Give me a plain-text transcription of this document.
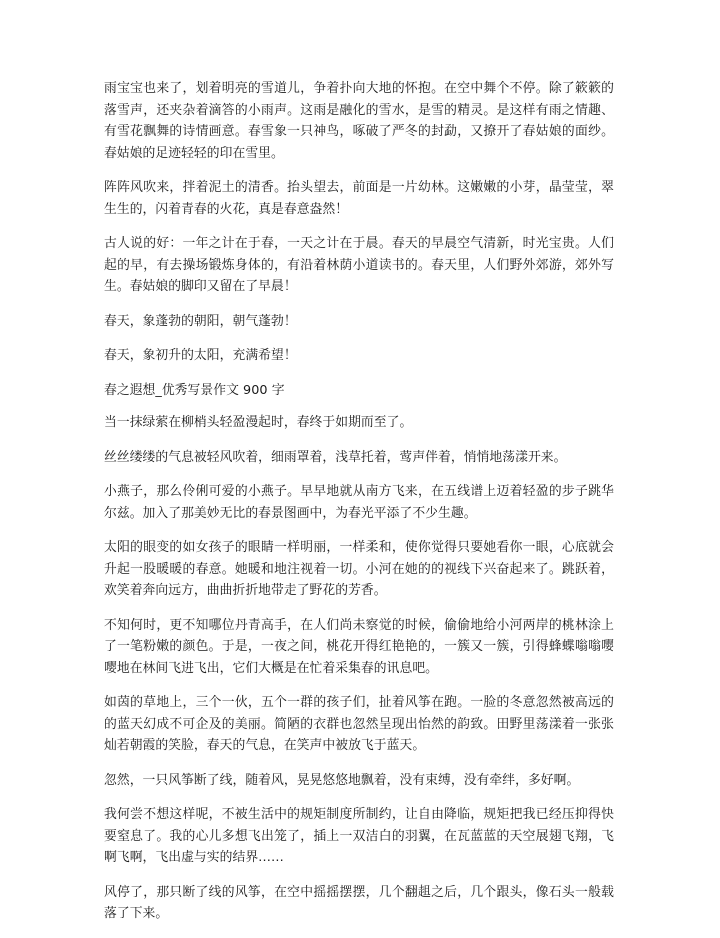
雨宝宝也来了，划着明亮的雪道儿，争着扑向大地的怀抱。在空中舞个不停。除了簌簌的落雪声，还夹杂着滴答的小雨声。这雨是融化的雪水，是雪的精灵。是这样有雨之情趣、有雪花飘舞的诗情画意。春雪象一只神鸟，啄破了严冬的封勐，又撩开了春姑娘的面纱。春姑娘的足迹轻轻的印在雪里。

阵阵风吹来，拌着泥土的清香。抬头望去，前面是一片幼林。这嫩嫩的小芽，晶莹莹，翠生生的，闪着青春的火花，真是春意盎然！

古人说的好：一年之计在于春，一天之计在于晨。春天的早晨空气清新，时光宝贵。人们起的早，有去操场锻炼身体的，有沿着林荫小道读书的。春天里，人们野外郊游，郊外写生。春姑娘的脚印又留在了早晨！

春天，象蓬勃的朝阳，朝气蓬勃！

春天，象初升的太阳，充满希望！

春之遐想_优秀写景作文 900 字

当一抹绿萦在柳梢头轻盈漫起时，春终于如期而至了。

丝丝缕缕的气息被轻风吹着，细雨罩着，浅草托着，莺声伴着，悄悄地荡漾开来。

小燕子，那么伶俐可爱的小燕子。早早地就从南方飞来，在五线谱上迈着轻盈的步子跳华尔兹。加入了那美妙无比的春景图画中，为春光平添了不少生趣。

太阳的眼变的如女孩子的眼睛一样明丽，一样柔和，使你觉得只要她看你一眼，心底就会升起一股暖暖的春意。她暖和地注视着一切。小河在她的的视线下兴奋起来了。跳跃着，欢笑着奔向远方，曲曲折折地带走了野花的芳香。

不知何时，更不知哪位丹青高手，在人们尚未察觉的时候，偷偷地给小河两岸的桃林涂上了一笔粉嫩的颜色。于是，一夜之间，桃花开得红艳艳的，一簇又一簇，引得蜂蝶嗡嗡嘤嘤地在林间飞进飞出，它们大概是在忙着采集春的讯息吧。

如茵的草地上，三个一伙，五个一群的孩子们，扯着风筝在跑。一脸的冬意忽然被高远的的蓝天幻成不可企及的美丽。简陋的衣群也忽然呈现出怡然的韵致。田野里荡漾着一张张灿若朝霞的笑脸，春天的气息，在笑声中被放飞于蓝天。

忽然，一只风筝断了线，随着风，晃晃悠悠地飘着，没有束缚，没有牵绊，多好啊。

我何尝不想这样呢，不被生活中的规矩制度所制约，让自由降临，规矩把我已经压抑得快要窒息了。我的心儿多想飞出笼了，插上一双洁白的羽翼，在瓦蓝蓝的天空展翅飞翔，飞啊飞啊，飞出虚与实的结界……

风停了，那只断了线的风筝，在空中摇摇摆摆，几个翻趄之后，几个跟头，像石头一般载落了下来。
